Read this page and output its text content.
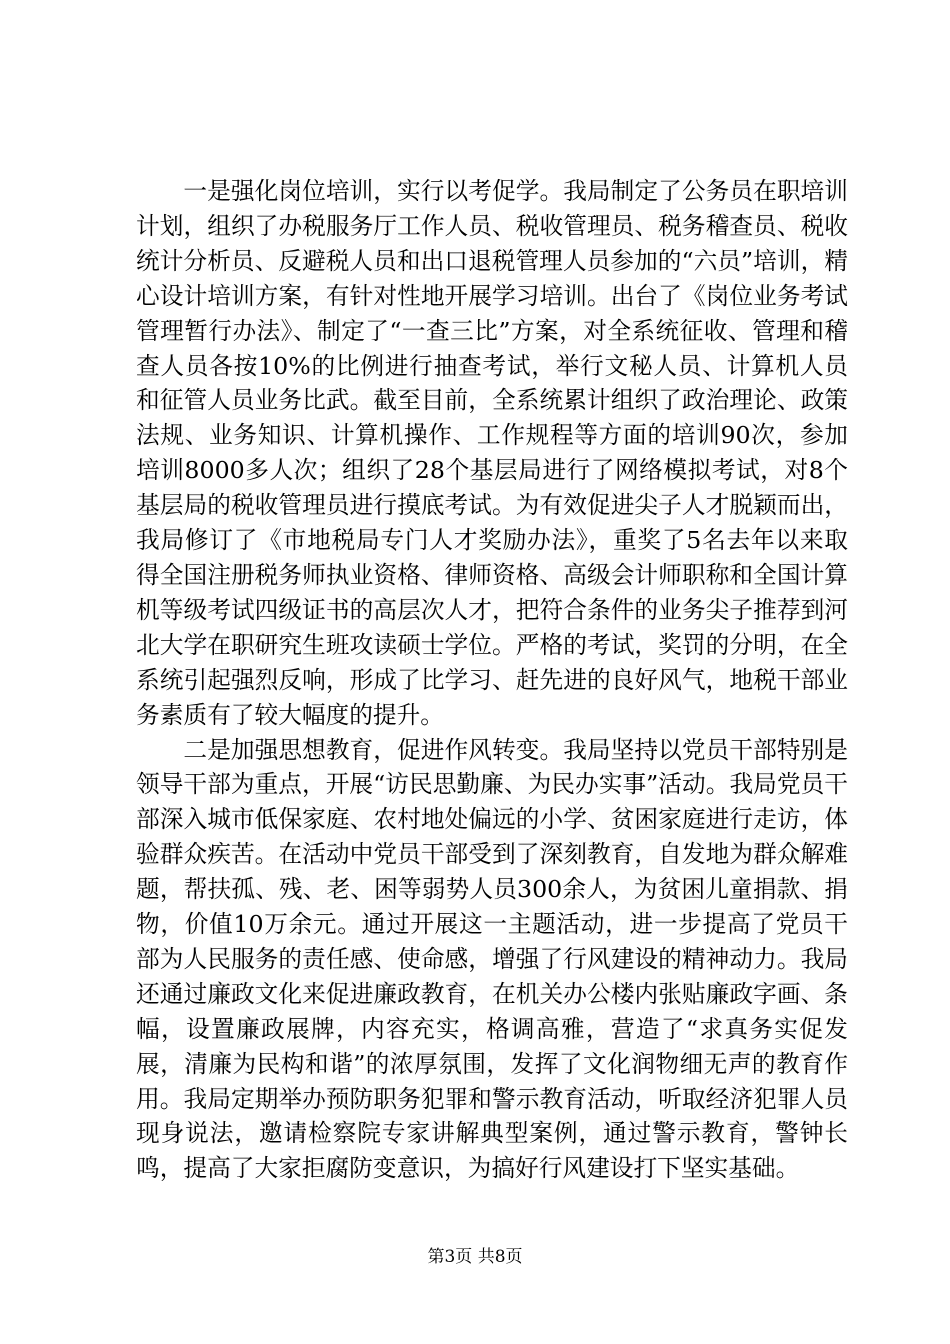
一是强化岗位培训，实行以考促学。我局制定了公务员在职培训计划，组织了办税服务厅工作人员、税收管理员、税务稽查员、税收统计分析员、反避税人员和出口退税管理人员参加的“六员”培训，精心设计培训方案，有针对性地开展学习培训。出台了《岗位业务考试管理暂行办法》、制定了“一查三比”方案，对全系统征收、管理和稽查人员各按10%的比例进行抽查考试，举行文秘人员、计算机人员和征管人员业务比武。截至目前，全系统累计组织了政治理论、政策法规、业务知识、计算机操作、工作规程等方面的培训90次，参加培训8000多人次；组织了28个基层局进行了网络模拟考试，对8个基层局的税收管理员进行摸底考试。为有效促进尖子人才脱颖而出，我局修订了《市地税局专门人才奖励办法》，重奖了5名去年以来取得全国注册税务师执业资格、律师资格、高级会计师职称和全国计算机等级考试四级证书的高层次人才，把符合条件的业务尖子推荐到河北大学在职研究生班攻读硕士学位。严格的考试，奖罚的分明，在全系统引起强烈反响，形成了比学习、赶先进的良好风气，地税干部业务素质有了较大幅度的提升。

二是加强思想教育，促进作风转变。我局坚持以党员干部特别是领导干部为重点，开展“访民思勤廉、为民办实事”活动。我局党员干部深入城市低保家庭、农村地处偏远的小学、贫困家庭进行走访，体验群众疾苦。在活动中党员干部受到了深刻教育，自发地为群众解难题，帮扶孤、残、老、困等弱势人员300余人，为贫困儿童捐款、捐物，价值10万余元。通过开展这一主题活动，进一步提高了党员干部为人民服务的责任感、使命感，增强了行风建设的精神动力。我局还通过廉政文化来促进廉政教育，在机关办公楼内张贴廉政字画、条幅，设置廉政展牌，内容充实，格调高雅，营造了“求真务实促发展，清廉为民构和谐”的浓厚氛围，发挥了文化润物细无声的教育作用。我局定期举办预防职务犯罪和警示教育活动，听取经济犯罪人员现身说法，邀请检察院专家讲解典型案例，通过警示教育，警钟长鸣，提高了大家拒腐防变意识，为搞好行风建设打下坚实基础。

第3页 共8页
